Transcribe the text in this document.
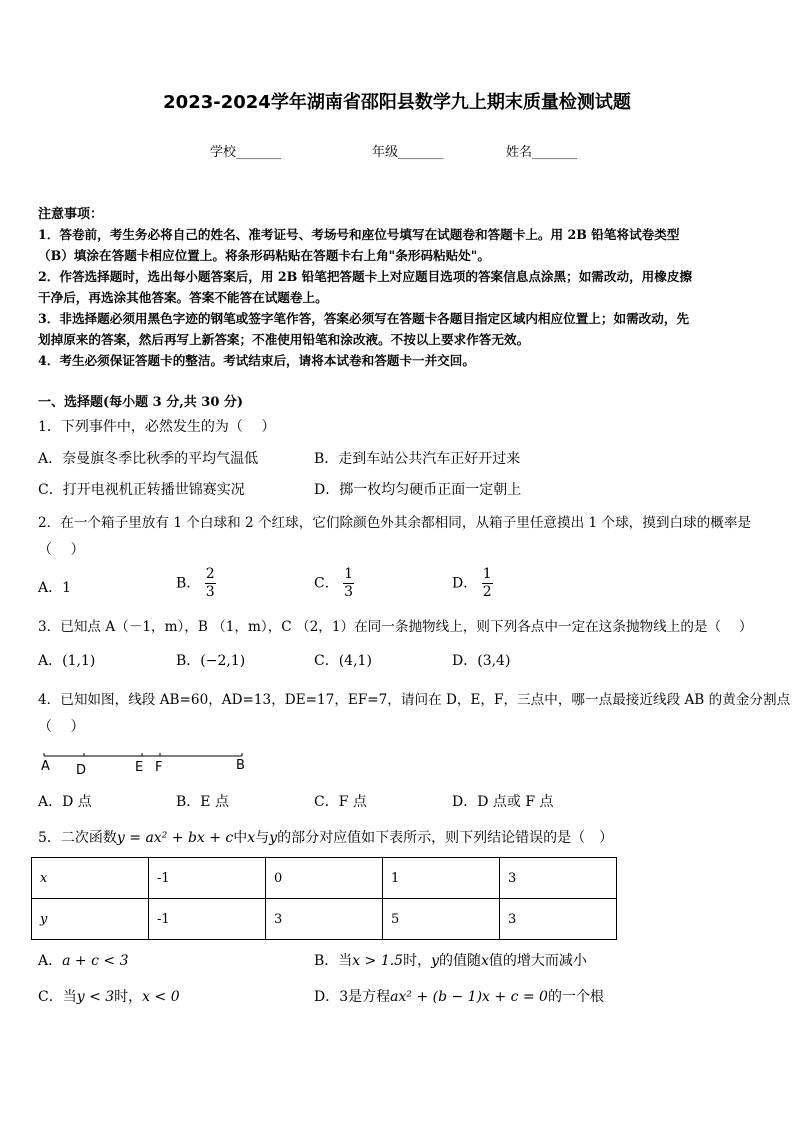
2023-2024学年湖南省邵阳县数学九上期末质量检测试题
学校_______	年级_______	姓名_______
注意事项：
1．答卷前，考生务必将自己的姓名、准考证号、考场号和座位号填写在试题卷和答题卡上。用 2B 铅笔将试卷类型
（B）填涂在答题卡相应位置上。将条形码粘贴在答题卡右上角"条形码粘贴处"。
2．作答选择题时，选出每小题答案后，用 2B 铅笔把答题卡上对应题目选项的答案信息点涂黑；如需改动，用橡皮擦
干净后，再选涂其他答案。答案不能答在试题卷上。
3．非选择题必须用黑色字迹的钢笔或签字笔作答，答案必须写在答题卡各题目指定区域内相应位置上；如需改动，先
划掉原来的答案，然后再写上新答案；不准使用铅笔和涂改液。不按以上要求作答无效。
4．考生必须保证答题卡的整洁。考试结束后，请将本试卷和答题卡一并交回。
一、选择题(每小题 3 分,共 30 分)
1．下列事件中，必然发生的为（　 ）
A．奈曼旗冬季比秋季的平均气温低	B．走到车站公共汽车正好开过来
C．打开电视机正转播世锦赛实况	D．掷一枚均匀硬币正面一定朝上
2．在一个箱子里放有 1 个白球和 2 个红球，它们除颜色外其余都相同，从箱子里任意摸出 1 个球，摸到白球的概率是
（　 ）
A．1	B． $\frac{2}{3}$	C． $\frac{1}{3}$	D． $\frac{1}{2}$
3．已知点 A（－1，m），B （1，m），C （2，1）在同一条抛物线上，则下列各点中一定在这条抛物线上的是（　 ）
A．(1,1)	B．(−2,1)	C．(4,1)	D．(3,4)
4．已知如图，线段 AB=60，AD=13，DE=17，EF=7，请问在 D，E，F，三点中，哪一点最接近线段 AB 的黄金分割点
（　 ）
A D	E F	B
A．D 点	B．E 点	C．F 点	D．D 点或 F 点
5．二次函数y = ax² + bx + c中x与y的部分对应值如下表所示，则下列结论错误的是（　）
x	-1	0	1	3
y	-1	3	5	3
A．a + c < 3	B．当x > 1.5时，y的值随x值的增大而减小
C．当y < 3时，x < 0	D．3是方程ax² + (b − 1)x + c = 0的一个根
